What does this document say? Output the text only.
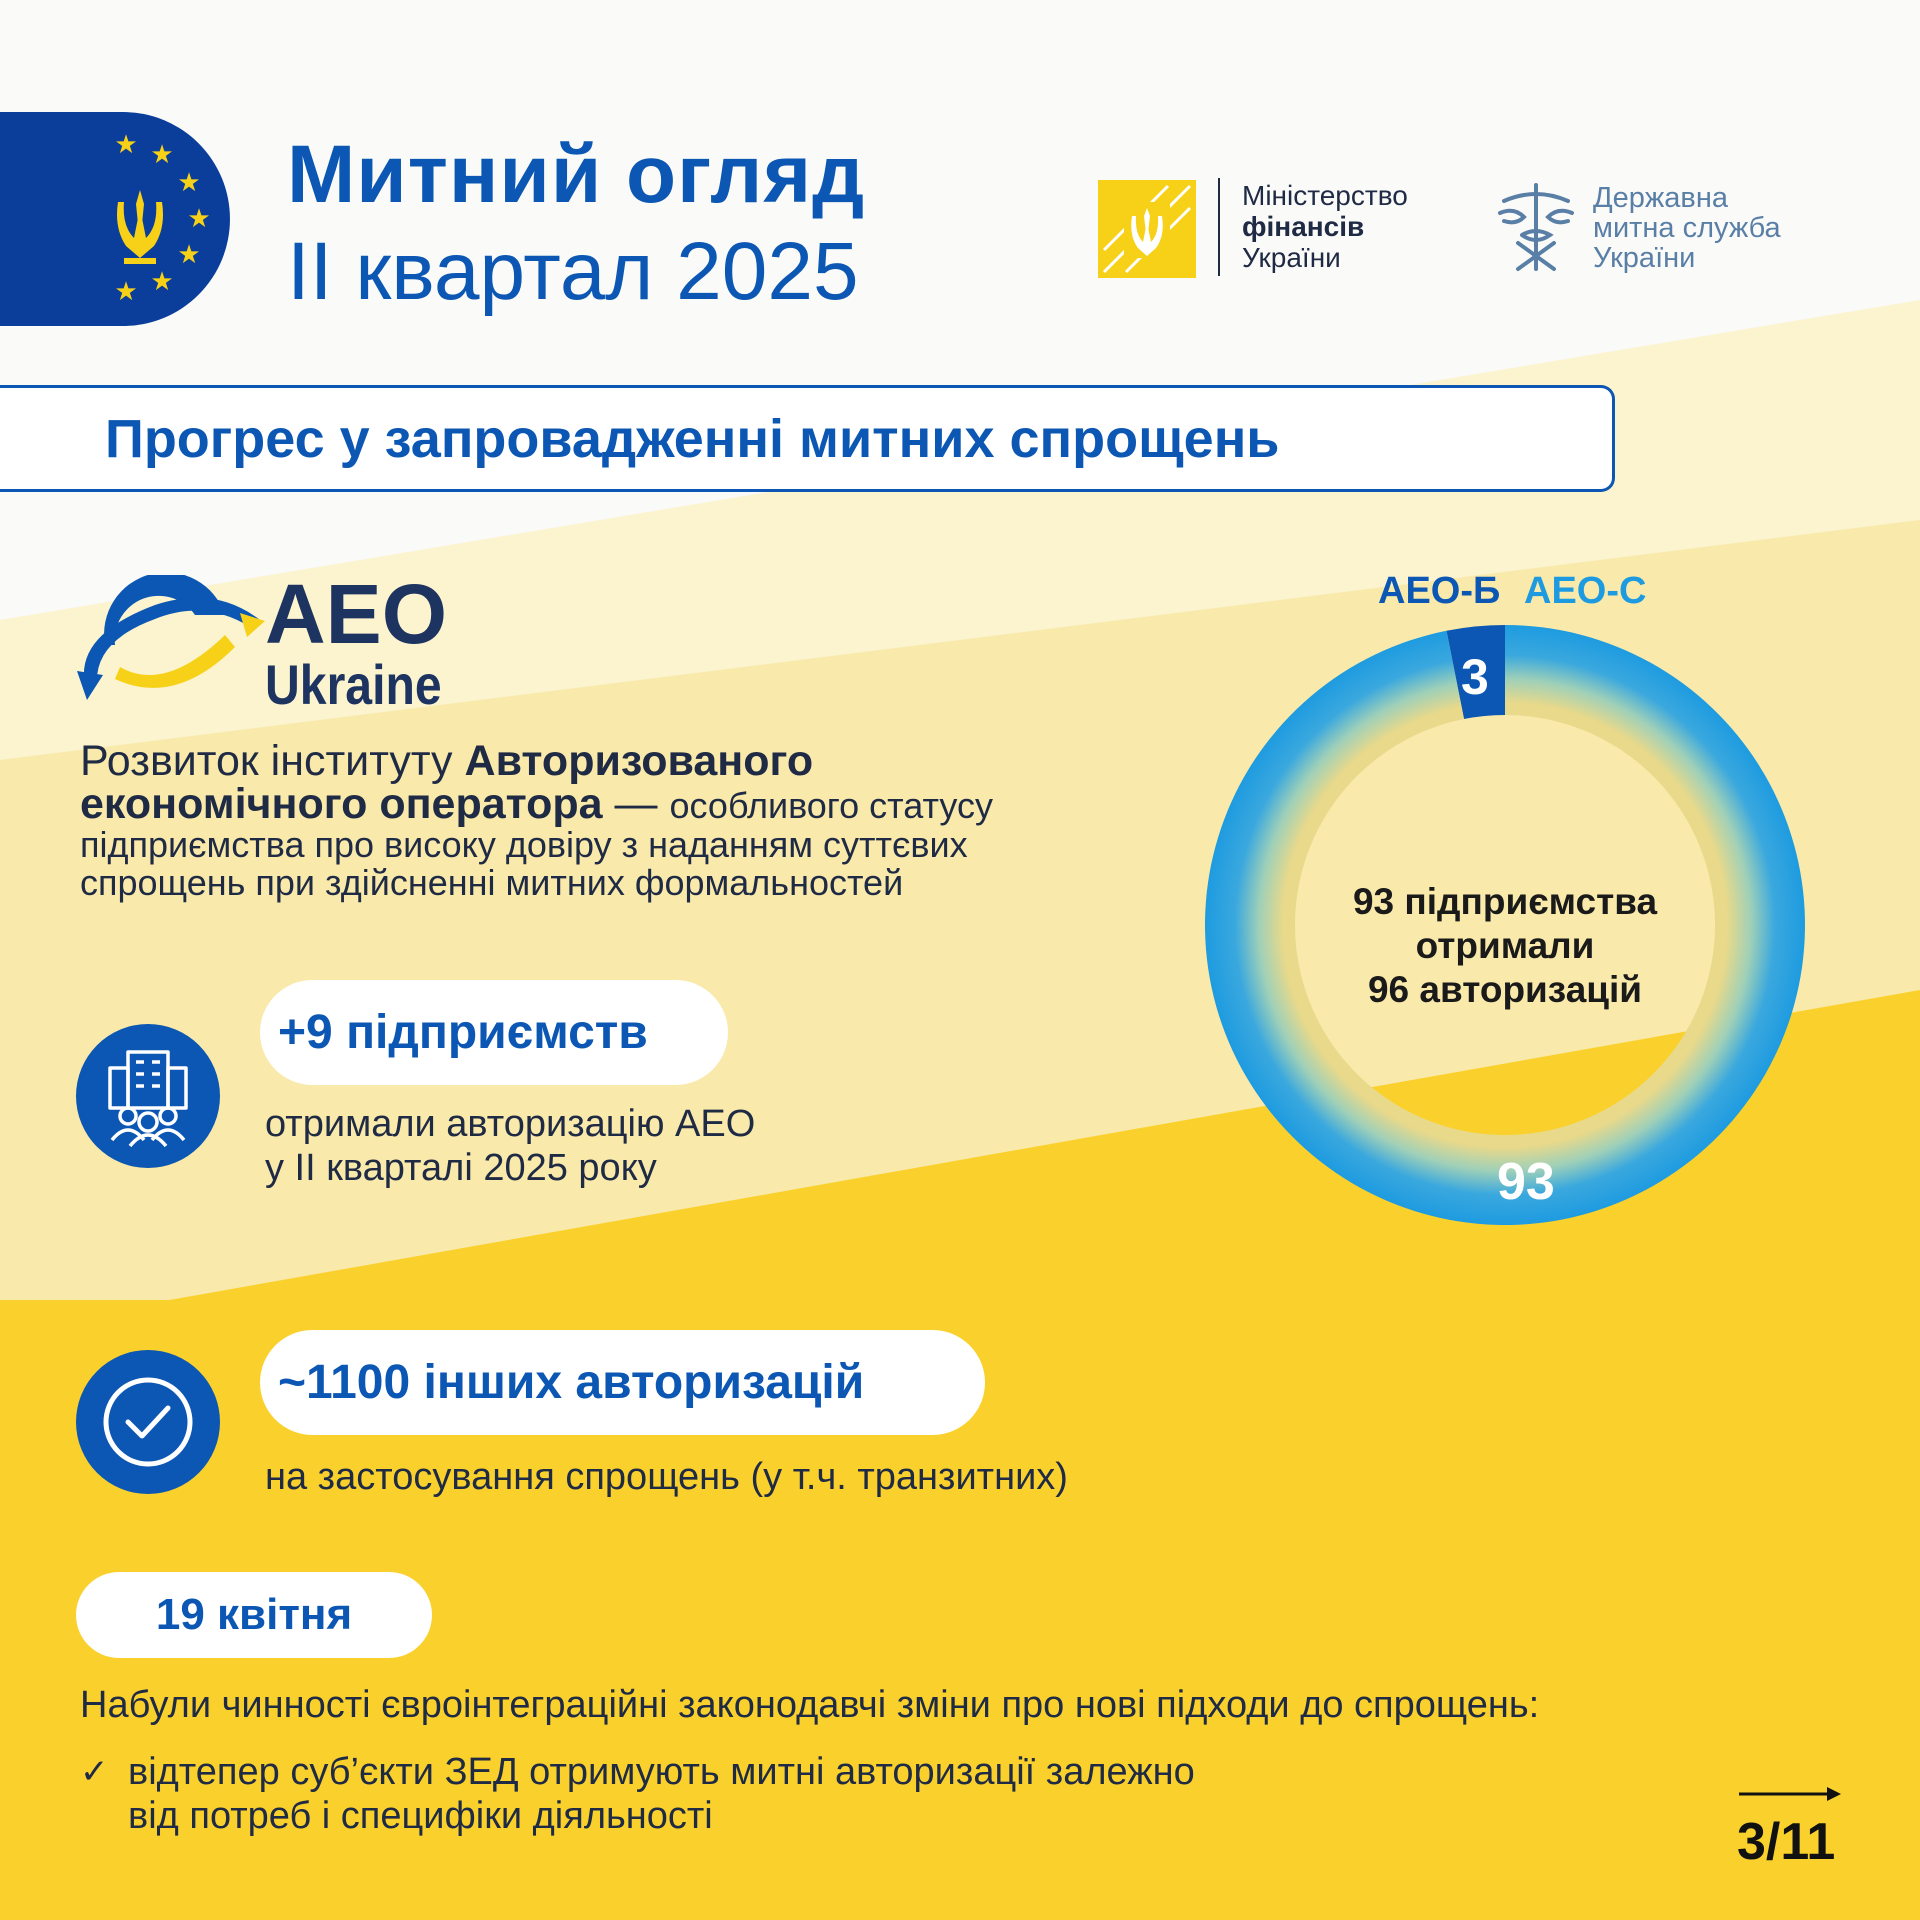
★ ★
★
★
★
★
★
Митний огляд
II квартал 2025
Міністерство
фінансів
України
Державна
митна служба
України
Прогрес у запровадженні митних спрощень
AEO
Ukraine
Розвиток інституту Авторизованого
економічного оператора — особливого статусу
підприємства про високу довіру з наданням суттєвих
спрощень при здійсненні митних формальностей
+9 підприємств
отримали авторизацію АЕО
у II кварталі 2025 року
~1100 інших авторизацій
на застосування спрощень (у т.ч. транзитних)
19 квітня
Набули чинності євроінтеграційні законодавчі зміни про нові підходи до спрощень:
✓ відтепер суб’єкти ЗЕД отримують митні авторизації залежно
від потреб і специфіки діяльності
АЕО-Б АЕО-С
93 підприємства
отримали
96 авторизацій
3
93
3/11
